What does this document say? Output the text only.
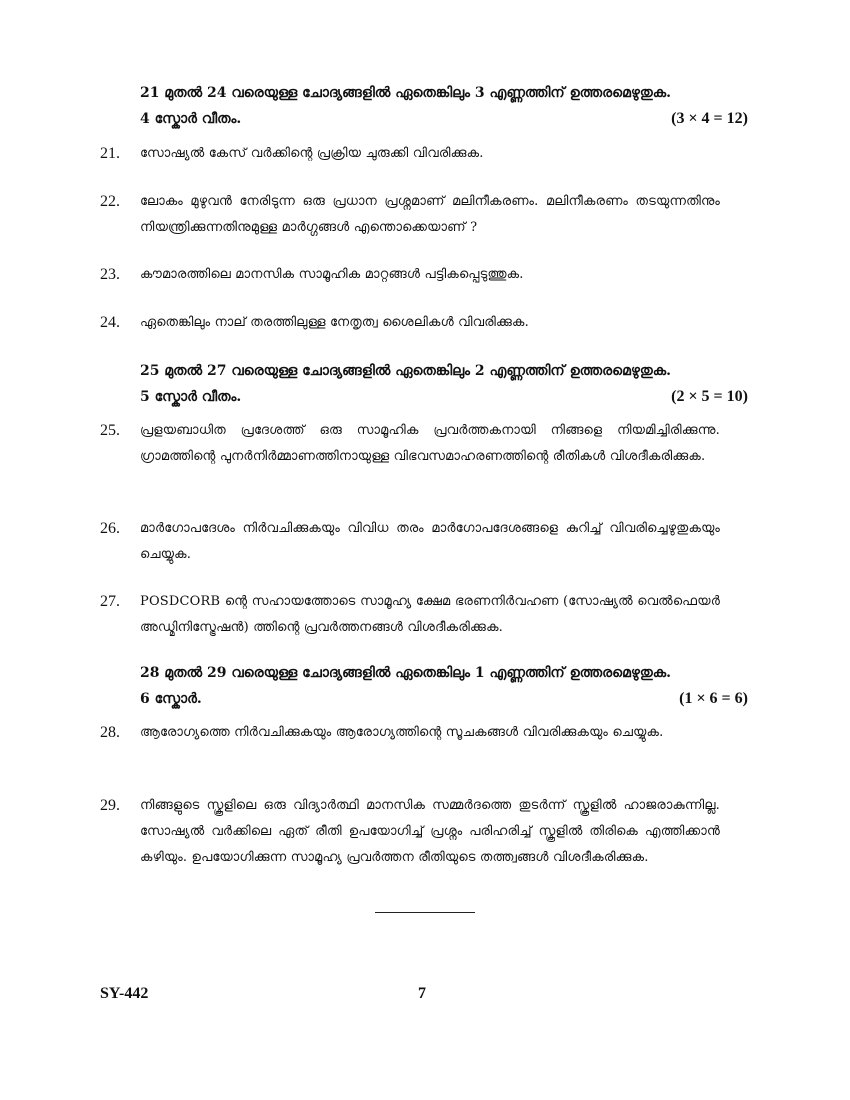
21 മുതൽ 24 വരെയുള്ള ചോദ്യങ്ങളിൽ ഏതെങ്കിലും 3 എണ്ണത്തിന് ഉത്തരമെഴുതുക.
4 സ്കോർ വീതം.	(3 × 4 = 12)
21.	സോഷ്യൽ കേസ് വർക്കിന്റെ പ്രക്രിയ ചുരുക്കി വിവരിക്കുക.
22.	ലോകം മുഴുവൻ നേരിടുന്ന ഒരു പ്രധാന പ്രശ്നമാണ് മലിനീകരണം. മലിനീകരണം തടയുന്നതിനും നിയന്ത്രിക്കുന്നതിനുമുള്ള മാർഗ്ഗങ്ങൾ എന്തൊക്കെയാണ് ?
23.	കൗമാരത്തിലെ മാനസിക സാമൂഹിക മാറ്റങ്ങൾ പട്ടികപ്പെടുത്തുക.
24.	ഏതെങ്കിലും നാല് തരത്തിലുള്ള നേതൃത്വ ശൈലികൾ വിവരിക്കുക.
25 മുതൽ 27 വരെയുള്ള ചോദ്യങ്ങളിൽ ഏതെങ്കിലും 2 എണ്ണത്തിന് ഉത്തരമെഴുതുക.
5 സ്കോർ വീതം.	(2 × 5 = 10)
25.	പ്രളയബാധിത പ്രദേശത്ത് ഒരു സാമൂഹിക പ്രവർത്തകനായി നിങ്ങളെ നിയമിച്ചിരിക്കുന്നു. ഗ്രാമത്തിന്റെ പുനർനിർമ്മാണത്തിനായുള്ള വിഭവസമാഹരണത്തിന്റെ രീതികൾ വിശദീകരിക്കുക.
26.	മാർഗോപദേശം നിർവചിക്കുകയും വിവിധ തരം മാർഗോപദേശങ്ങളെ കുറിച്ച് വിവരിച്ചെഴുതുകയും ചെയ്യുക.
27.	POSDCORB ന്റെ സഹായത്തോടെ സാമൂഹ്യ ക്ഷേമ ഭരണനിർവഹണ (സോഷ്യൽ വെൽഫെയർ അഡ്മിനിസ്ട്രേഷൻ) ത്തിന്റെ പ്രവർത്തനങ്ങൾ വിശദീകരിക്കുക.
28 മുതൽ 29 വരെയുള്ള ചോദ്യങ്ങളിൽ ഏതെങ്കിലും 1 എണ്ണത്തിന് ഉത്തരമെഴുതുക.
6 സ്കോർ.	(1 × 6 = 6)
28.	ആരോഗ്യത്തെ നിർവചിക്കുകയും ആരോഗ്യത്തിന്റെ സൂചകങ്ങൾ വിവരിക്കുകയും ചെയ്യുക.
29.	നിങ്ങളുടെ സ്കൂളിലെ ഒരു വിദ്യാർത്ഥി മാനസിക സമ്മർദത്തെ തുടർന്ന് സ്കൂളിൽ ഹാജരാകുന്നില്ല. സോഷ്യൽ വർക്കിലെ ഏത് രീതി ഉപയോഗിച്ച് പ്രശ്നം പരിഹരിച്ച് സ്കൂളിൽ തിരികെ എത്തിക്കാൻ കഴിയും. ഉപയോഗിക്കുന്ന സാമൂഹ്യ പ്രവർത്തന രീതിയുടെ തത്ത്വങ്ങൾ വിശദീകരിക്കുക.
SY-442	7
